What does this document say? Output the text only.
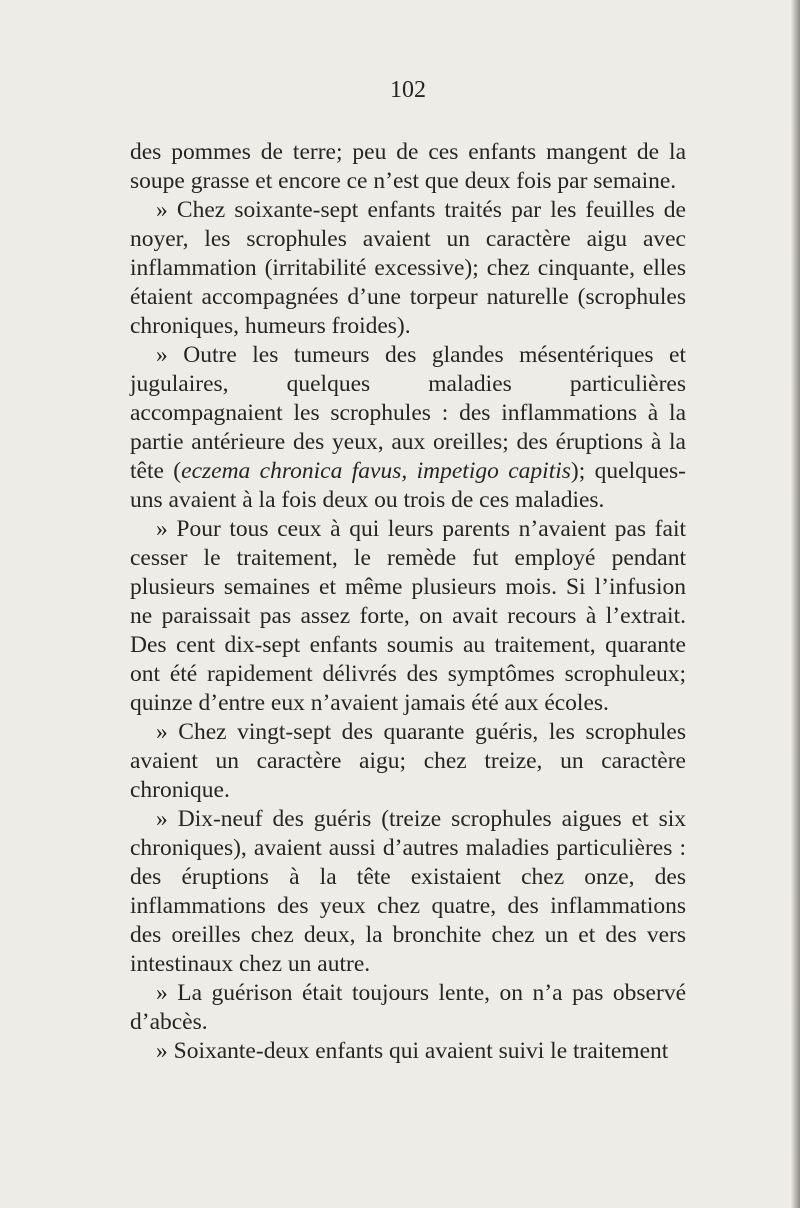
102

des pommes de terre; peu de ces enfants mangent de la soupe grasse et encore ce n’est que deux fois par semaine.

» Chez soixante-sept enfants traités par les feuilles de noyer, les scrophules avaient un caractère aigu avec inflammation (irritabilité excessive); chez cinquante, elles étaient accompagnées d’une torpeur naturelle (scrophules chroniques, humeurs froides).

» Outre les tumeurs des glandes mésentériques et jugulaires, quelques maladies particulières accompagnaient les scrophules : des inflammations à la partie antérieure des yeux, aux oreilles; des éruptions à la tête (eczema chronica favus, impetigo capitis); quelques-uns avaient à la fois deux ou trois de ces maladies.

» Pour tous ceux à qui leurs parents n’avaient pas fait cesser le traitement, le remède fut employé pendant plusieurs semaines et même plusieurs mois. Si l’infusion ne paraissait pas assez forte, on avait recours à l’extrait. Des cent dix-sept enfants soumis au traitement, quarante ont été rapidement délivrés des symptômes scrophuleux; quinze d’entre eux n’avaient jamais été aux écoles.

» Chez vingt-sept des quarante guéris, les scrophules avaient un caractère aigu; chez treize, un caractère chronique.

» Dix-neuf des guéris (treize scrophules aigues et six chroniques), avaient aussi d’autres maladies particulières : des éruptions à la tête existaient chez onze, des inflammations des yeux chez quatre, des inflammations des oreilles chez deux, la bronchite chez un et des vers intestinaux chez un autre.

» La guérison était toujours lente, on n’a pas observé d’abcès.

» Soixante-deux enfants qui avaient suivi le traitement
